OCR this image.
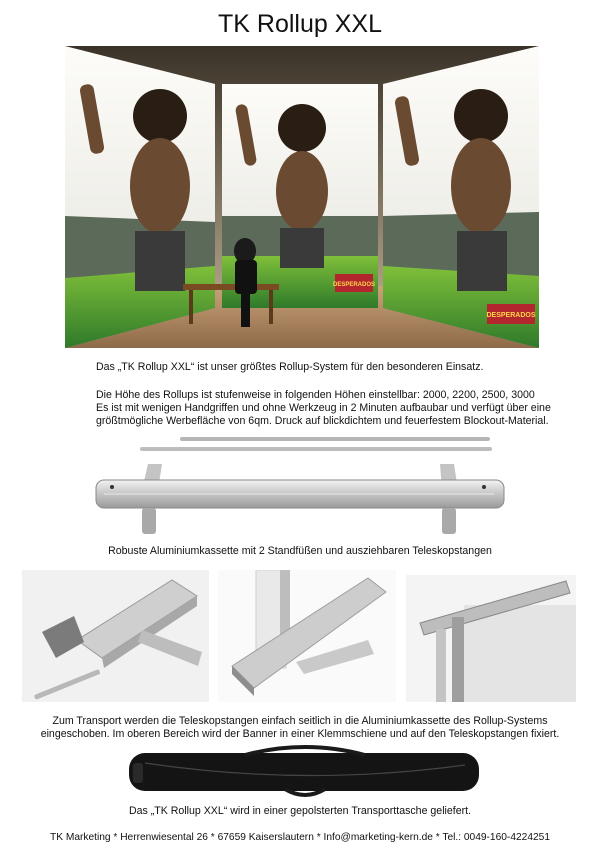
TK Rollup XXL
DESPERADOS
DESPERADOS
Das „TK Rollup XXL“ ist unser größtes Rollup-System für den besonderen Einsatz.
Die Höhe des Rollups ist stufenweise in folgenden Höhen einstellbar: 2000, 2200, 2500, 3000
Es ist mit wenigen Handgriffen und ohne Werkzeug in 2 Minuten aufbaubar und verfügt über eine
größtmögliche Werbefläche von 6qm. Druck auf blickdichtem und feuerfestem Blockout-Material.
Robuste Aluminiumkassette mit 2 Standfüßen und ausziehbaren Teleskopstangen
Zum Transport werden die Teleskopstangen einfach seitlich in die Aluminiumkassette des Rollup-Systems
eingeschoben. Im oberen Bereich wird der Banner in einer Klemmschiene und auf den Teleskopstangen fixiert.
Das „TK Rollup XXL“ wird in einer gepolsterten Transporttasche geliefert.
TK Marketing * Herrenwiesental 26 * 67659 Kaiserslautern * Info@marketing-kern.de * Tel.: 0049-160-4224251
